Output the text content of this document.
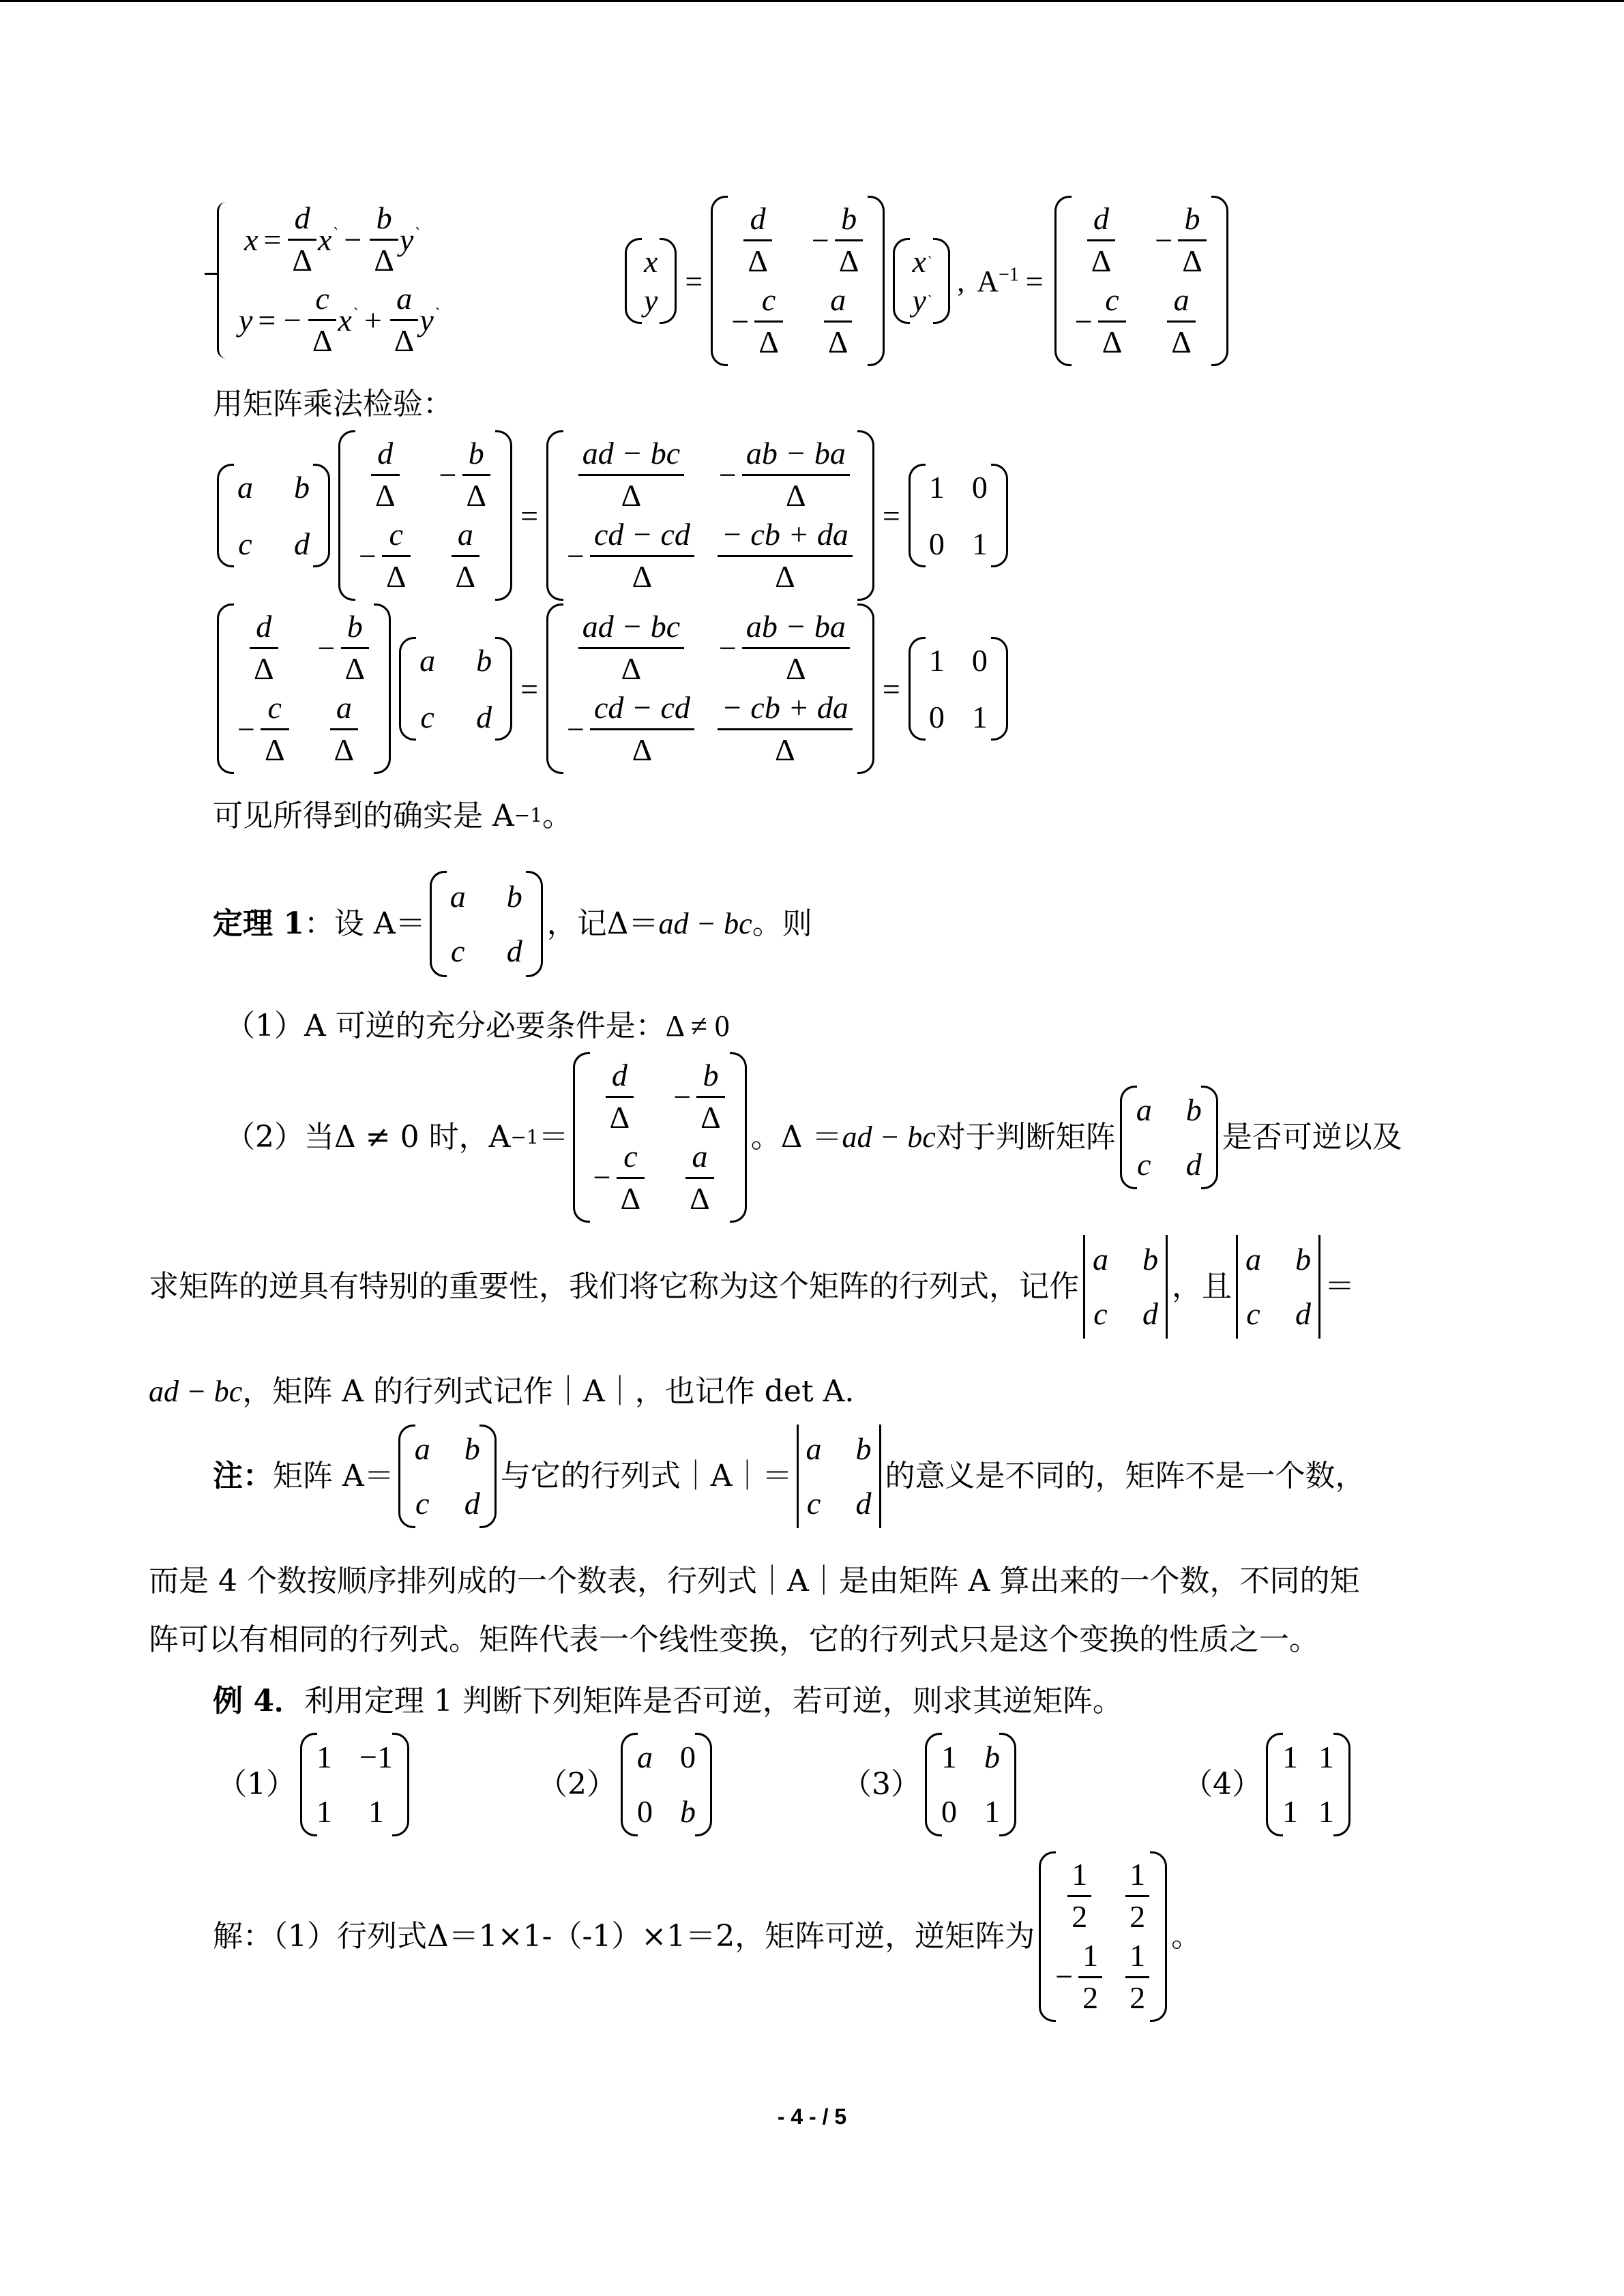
$x = \frac{d}{\Delta} x^` - \frac{b}{\Delta} y^`$
y = − $\frac{c}{\Delta} x^` + \frac{a}{\Delta} y^`$
x
y
=
$\frac{d}{\Delta} - \frac{b}{\Delta}$
− $\frac{c}{\Delta} \frac{a}{\Delta}$
x `
y `
, $A^{-1}$ =
$\frac{d}{\Delta} - \frac{b}{\Delta}$
− $\frac{c}{\Delta} \frac{a}{\Delta}$
用矩阵乘法检验：
a b
c d
$\frac{d}{\Delta} - \frac{b}{\Delta}$
− $\frac{c}{\Delta} \frac{a}{\Delta}$
=
$\frac{ad - bc}{\Delta} - \frac{ab - ba}{\Delta}$
− $\frac{cd - cd}{\Delta} \frac{- cb + da}{\Delta}$
=
1 0
0 1
$\frac{d}{\Delta} - \frac{b}{\Delta}$
− $\frac{c}{\Delta} \frac{a}{\Delta}$
a b
c d
=
$\frac{ad - bc}{\Delta} - \frac{ab - ba}{\Delta}$
− $\frac{cd - cd}{\Delta} \frac{- cb + da}{\Delta}$
=
1 0
0 1
可见所得到的确实是 A −1 。
定理 1 ：设 A＝
a b
c d
，记Δ＝ ad − bc 。则
（1）A 可逆的充分必要条件是： Δ ≠ 0
（2）当Δ ≠ 0 时，A −1 ＝
$\frac{d}{\Delta} - \frac{b}{\Delta}$
− $\frac{c}{\Delta} \frac{a}{\Delta}$
。Δ ＝ ad − bc 对于判断矩阵
a b
c d
是否可逆以及
求矩阵的逆具有特别的重要性，我们将它称为这个矩阵的行列式，记作
a b
c d
，且
a b
c d
＝
ad − bc ，矩阵 A 的行列式记作｜A｜，也记作 det A.
注： 矩阵 A＝
a b
c d
与它的行列式｜A｜＝
a b
c d
的意义是不同的，矩阵不是一个数，
而是 4 个数按顺序排列成的一个数表，行列式｜A｜是由矩阵 A 算出来的一个数，不同的矩
阵可以有相同的行列式。矩阵代表一个线性变换，它的行列式只是这个变换的性质之一。
例 4． 利用定理 1 判断下列矩阵是否可逆，若可逆，则求其逆矩阵。
（1）
1 −1
1 1
（2）
a 0
0 b
（3）
1 b
0 1
（4）
1 1
1 1
解：（1）行列式Δ＝1×1-（-1）×1＝2，矩阵可逆，逆矩阵为
$\frac{1}{2} \frac{1}{2}$
− $\frac{1}{2} \frac{1}{2}$
。
- 4 - / 5
